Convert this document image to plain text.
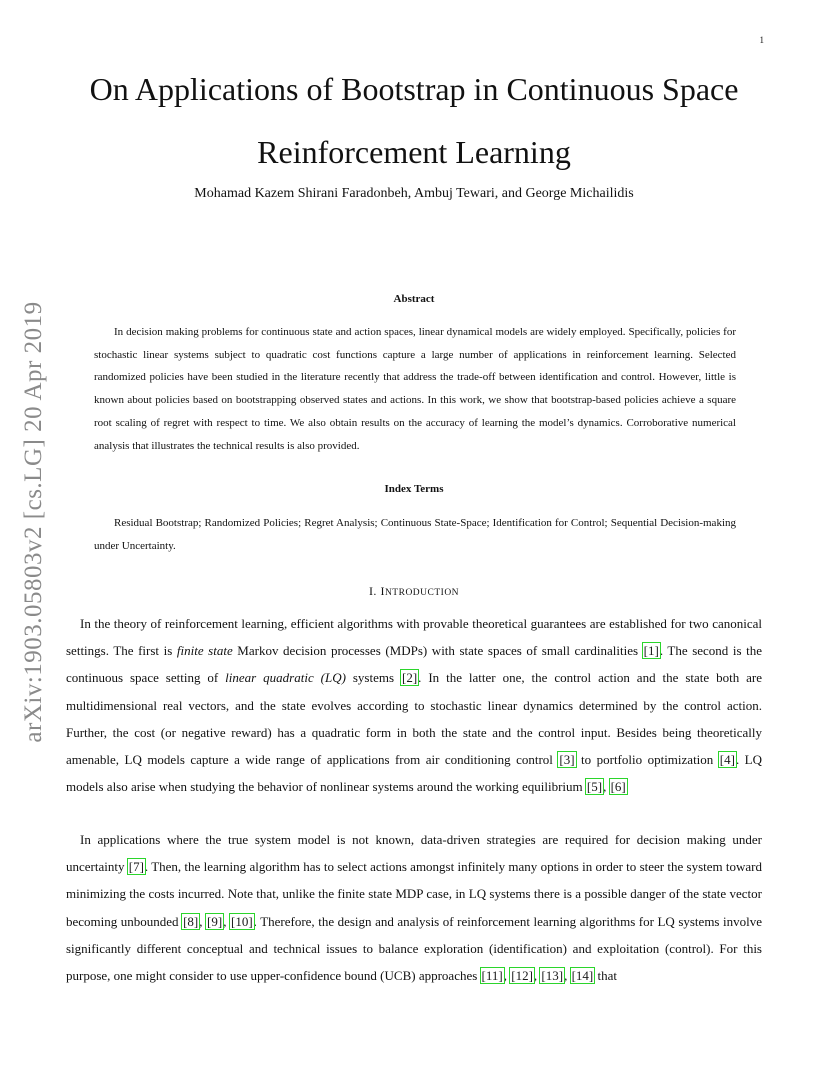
1
On Applications of Bootstrap in Continuous Space Reinforcement Learning
Mohamad Kazem Shirani Faradonbeh, Ambuj Tewari, and George Michailidis
arXiv:1903.05803v2 [cs.LG] 20 Apr 2019
Abstract

In decision making problems for continuous state and action spaces, linear dynamical models are widely employed. Specifically, policies for stochastic linear systems subject to quadratic cost functions capture a large number of applications in reinforcement learning. Selected randomized policies have been studied in the literature recently that address the trade-off between identification and control. However, little is known about policies based on bootstrapping observed states and actions. In this work, we show that bootstrap-based policies achieve a square root scaling of regret with respect to time. We also obtain results on the accuracy of learning the model’s dynamics. Corroborative numerical analysis that illustrates the technical results is also provided.

Index Terms

Residual Bootstrap; Randomized Policies; Regret Analysis; Continuous State-Space; Identification for Control; Sequential Decision-making under Uncertainty.

I. INTRODUCTION

In the theory of reinforcement learning, efficient algorithms with provable theoretical guarantees are established for two canonical settings. The first is finite state Markov decision processes (MDPs) with state spaces of small cardinalities [1]. The second is the continuous space setting of linear quadratic (LQ) systems [2]. In the latter one, the control action and the state both are multidimensional real vectors, and the state evolves according to stochastic linear dynamics determined by the control action. Further, the cost (or negative reward) has a quadratic form in both the state and the control input. Besides being theoretically amenable, LQ models capture a wide range of applications from air conditioning control [3] to portfolio optimization [4]. LQ models also arise when studying the behavior of nonlinear systems around the working equilibrium [5], [6]

In applications where the true system model is not known, data-driven strategies are required for decision making under uncertainty [7]. Then, the learning algorithm has to select actions amongst infinitely many options in order to steer the system toward minimizing the costs incurred. Note that, unlike the finite state MDP case, in LQ systems there is a possible danger of the state vector becoming unbounded [8], [9], [10]. Therefore, the design and analysis of reinforcement learning algorithms for LQ systems involve significantly different conceptual and technical issues to balance exploration (identification) and exploitation (control). For this purpose, one might consider to use upper-confidence bound (UCB) approaches [11], [12], [13], [14] that
